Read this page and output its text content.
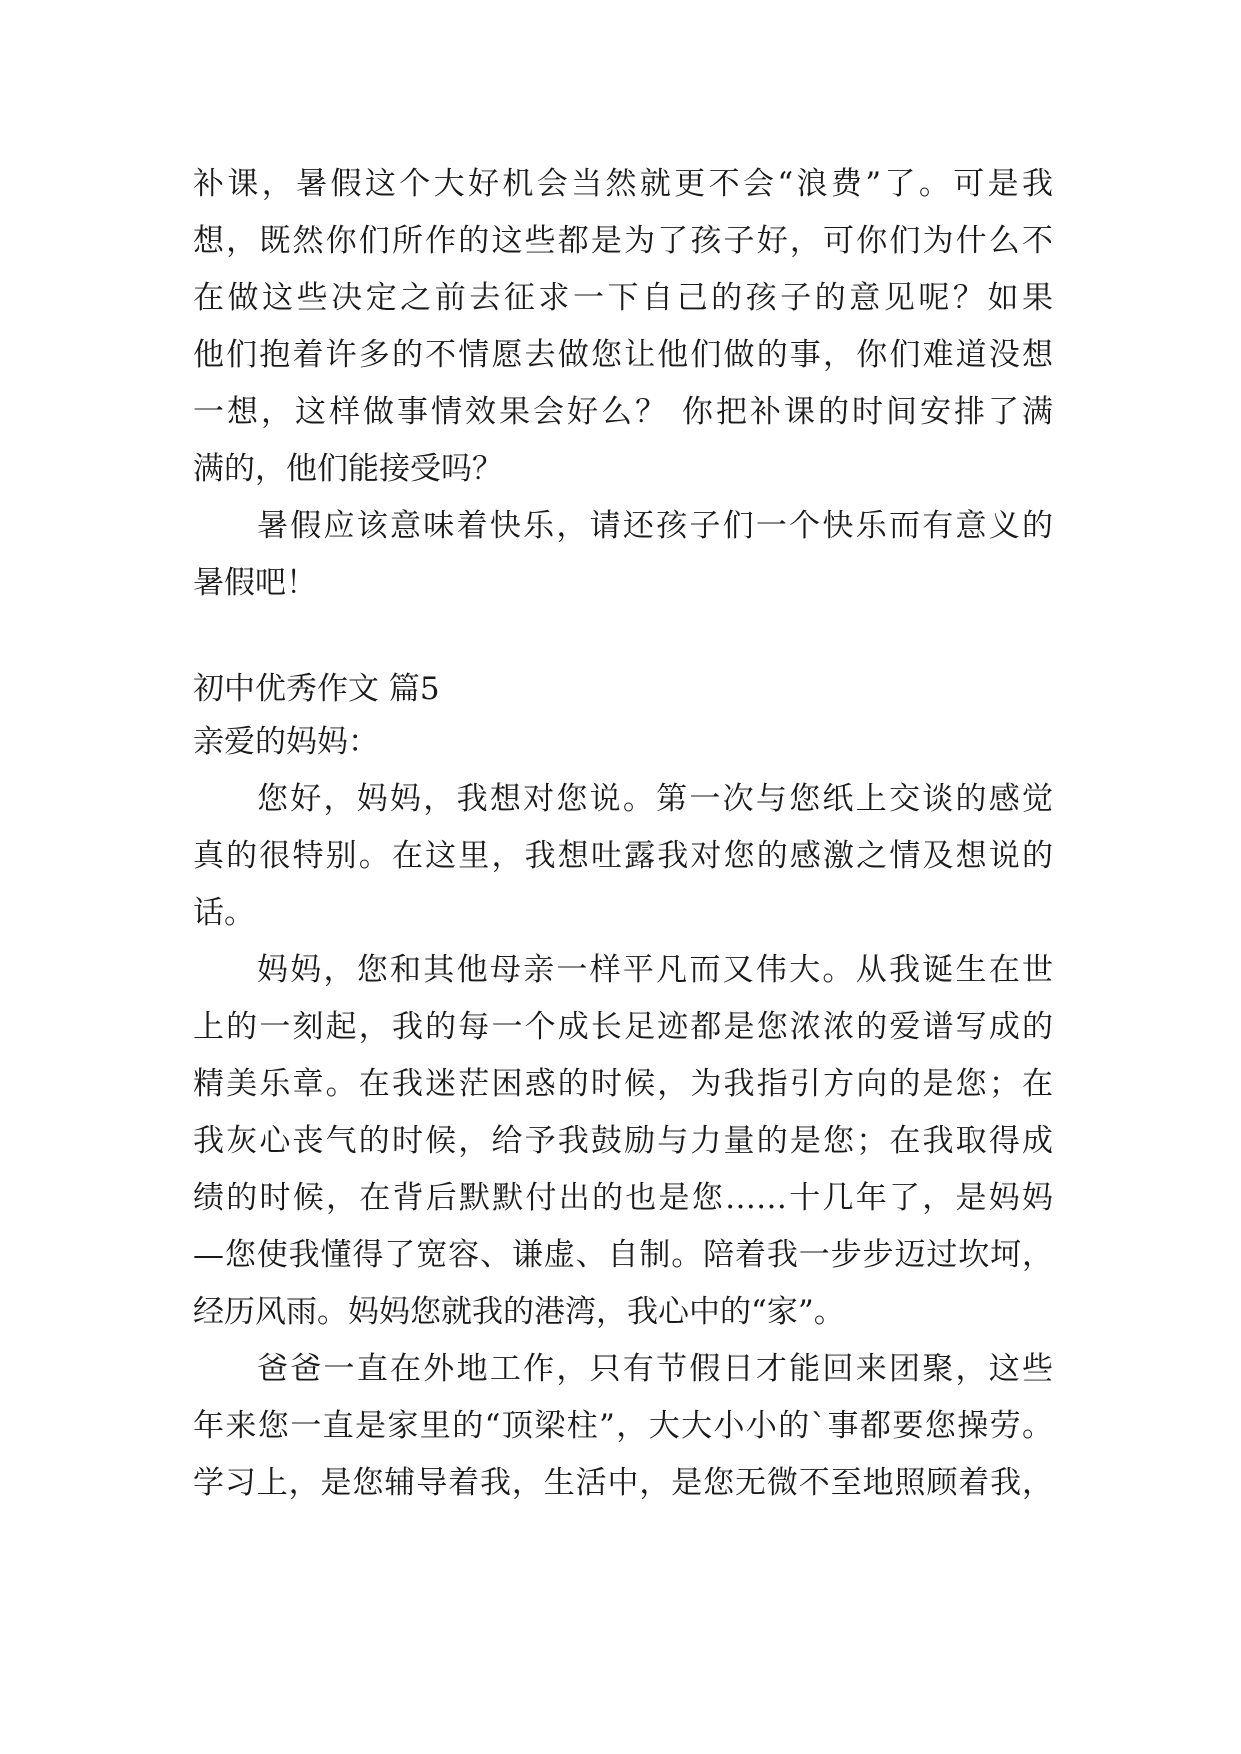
补课，暑假这个大好机会当然就更不会“浪费”了。可是我
想，既然你们所作的这些都是为了孩子好，可你们为什么不
在做这些决定之前去征求一下自己的孩子的意见呢？如果
他们抱着许多的不情愿去做您让他们做的事，你们难道没想
一想，这样做事情效果会好么？ 你把补课的时间安排了满
满的，他们能接受吗？
暑假应该意味着快乐，请还孩子们一个快乐而有意义的
暑假吧！
初中优秀作文 篇5
亲爱的妈妈：
您好，妈妈，我想对您说。第一次与您纸上交谈的感觉
真的很特别。在这里，我想吐露我对您的感激之情及想说的
话。
妈妈，您和其他母亲一样平凡而又伟大。从我诞生在世
上的一刻起，我的每一个成长足迹都是您浓浓的爱谱写成的
精美乐章。在我迷茫困惑的时候，为我指引方向的是您；在
我灰心丧气的时候，给予我鼓励与力量的是您；在我取得成
绩的时候，在背后默默付出的也是您……十几年了，是妈妈
—您使我懂得了宽容、谦虚、自制。陪着我一步步迈过坎坷，
经历风雨。妈妈您就我的港湾，我心中的“家”。
爸爸一直在外地工作，只有节假日才能回来团聚，这些
年来您一直是家里的“顶梁柱”，大大小小的`事都要您操劳。
学习上，是您辅导着我，生活中，是您无微不至地照顾着我，
